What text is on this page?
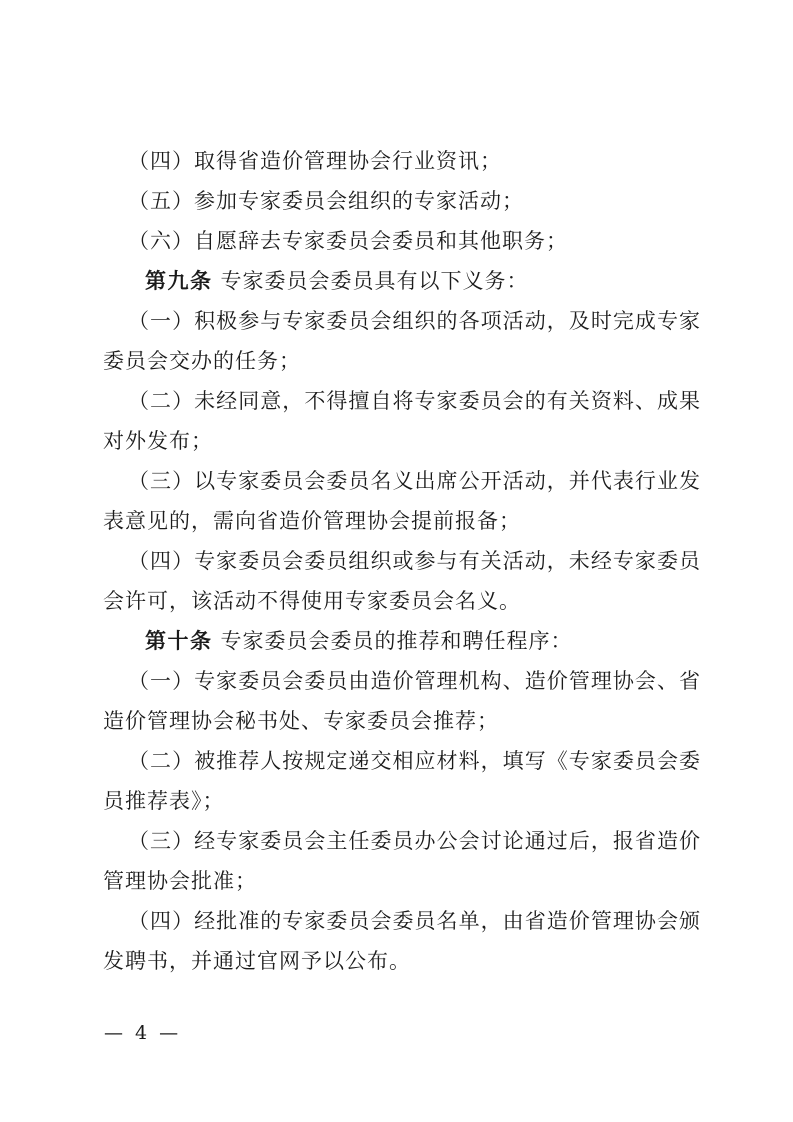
（四）取得省造价管理协会行业资讯；

（五）参加专家委员会组织的专家活动；

（六）自愿辞去专家委员会委员和其他职务；

第九条 专家委员会委员具有以下义务：

（一）积极参与专家委员会组织的各项活动，及时完成专家委员会交办的任务；

（二）未经同意，不得擅自将专家委员会的有关资料、成果对外发布；

（三）以专家委员会委员名义出席公开活动，并代表行业发表意见的，需向省造价管理协会提前报备；

（四）专家委员会委员组织或参与有关活动，未经专家委员会许可，该活动不得使用专家委员会名义。

第十条 专家委员会委员的推荐和聘任程序：

（一）专家委员会委员由造价管理机构、造价管理协会、省造价管理协会秘书处、专家委员会推荐；

（二）被推荐人按规定递交相应材料，填写《专家委员会委员推荐表》；

（三）经专家委员会主任委员办公会讨论通过后，报省造价管理协会批准；

（四）经批准的专家委员会委员名单，由省造价管理协会颁发聘书，并通过官网予以公布。

— 4 —
